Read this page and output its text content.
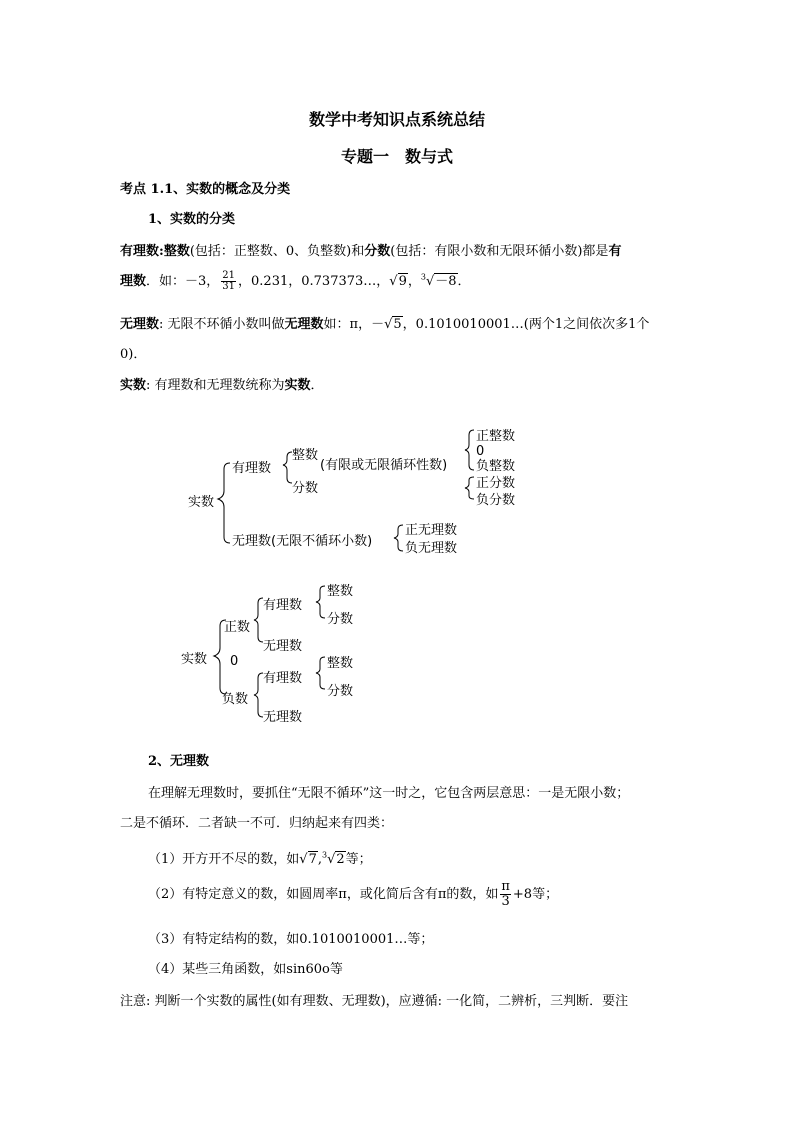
数学中考知识点系统总结
专题一　数与式
考点 1.1、实数的概念及分类
1、实数的分类
有理数:整数(包括：正整数、0、负整数)和分数(包括：有限小数和无限环循小数)都是有
理数．如：－3， $\frac{21}{31}$ ，0.231，0.737373…，√9，$^3$√－8．
无理数: 无限不环循小数叫做无理数如：π，－√5，0.1010010001…(两个1之间依次多1个
0)．
实数: 有理数和无理数统称为实数．
实数
有理数
整数
(有限或无限循环性数)
分数
正整数
0
负整数
正分数
负分数
无理数(无限不循环小数)
正无理数
负无理数
实数
正数
0
负数
有理数
无理数
有理数
无理数
整数
分数
整数
分数
2、无理数
在理解无理数时，要抓住“无限不循环”这一时之，它包含两层意思：一是无限小数；
二是不循环．二者缺一不可．归纳起来有四类：
（1）开方开不尽的数，如√7,$^3$√2等；
（2）有特定意义的数，如圆周率π，或化简后含有π的数，如 $\frac{\pi}{3} +8$等；
（3）有特定结构的数，如0.1010010001…等；
（4）某些三角函数，如sin60o等
注意: 判断一个实数的属性(如有理数、无理数)，应遵循: 一化简，二辨析，三判断．要注
